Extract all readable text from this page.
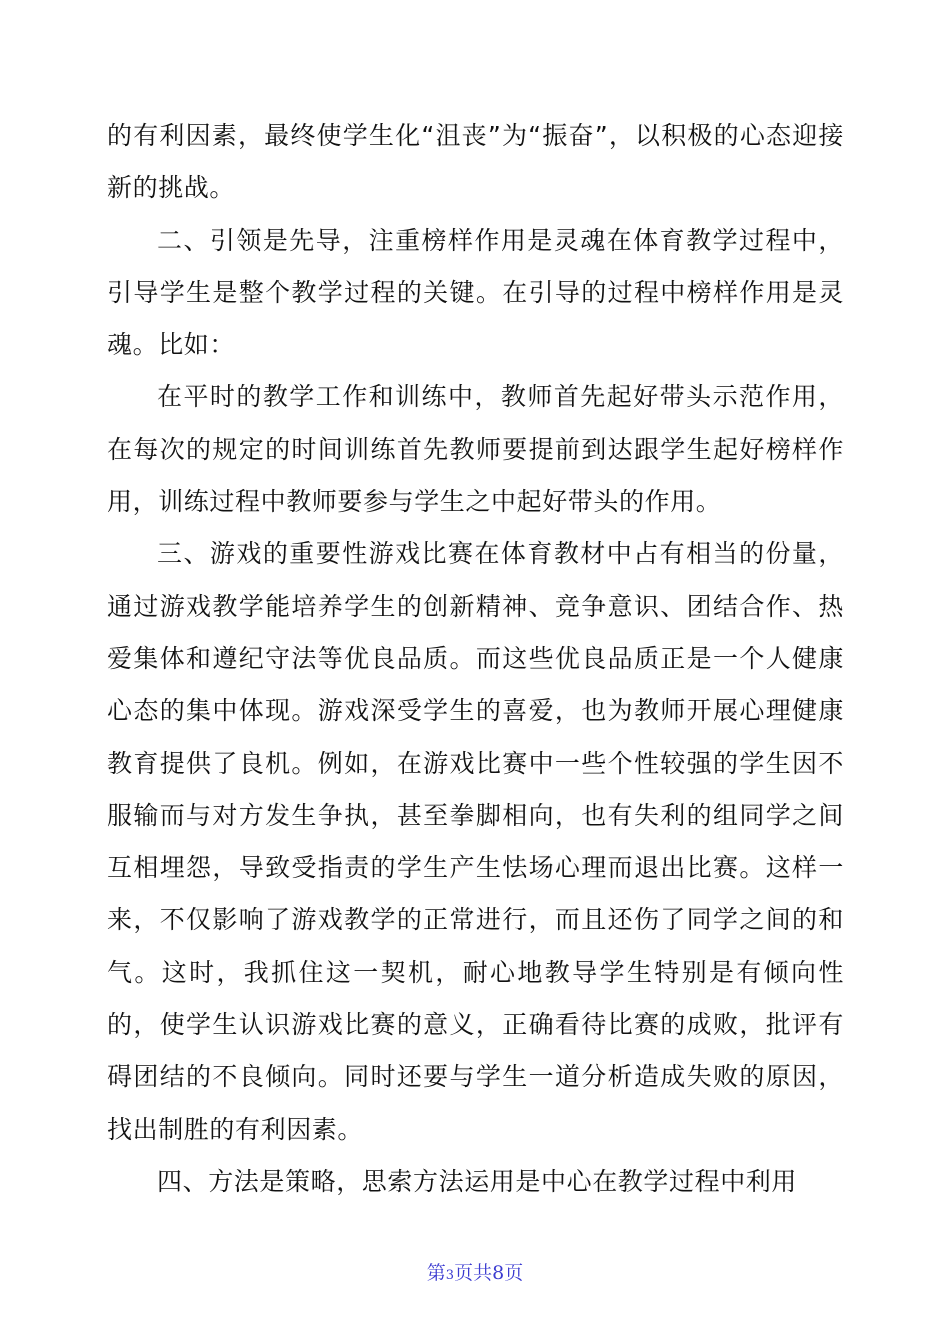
的有利因素，最终使学生化“沮丧”为“振奋”，以积极的心态迎接新的挑战。

二、引领是先导，注重榜样作用是灵魂在体育教学过程中，引导学生是整个教学过程的关键。在引导的过程中榜样作用是灵魂。比如：

在平时的教学工作和训练中，教师首先起好带头示范作用，在每次的规定的时间训练首先教师要提前到达跟学生起好榜样作用，训练过程中教师要参与学生之中起好带头的作用。

三、游戏的重要性游戏比赛在体育教材中占有相当的份量，通过游戏教学能培养学生的创新精神、竞争意识、团结合作、热爱集体和遵纪守法等优良品质。而这些优良品质正是一个人健康心态的集中体现。游戏深受学生的喜爱，也为教师开展心理健康教育提供了良机。例如，在游戏比赛中一些个性较强的学生因不服输而与对方发生争执，甚至拳脚相向，也有失利的组同学之间互相埋怨，导致受指责的学生产生怯场心理而退出比赛。这样一来，不仅影响了游戏教学的正常进行，而且还伤了同学之间的和气。这时，我抓住这一契机，耐心地教导学生特别是有倾向性的，使学生认识游戏比赛的意义，正确看待比赛的成败，批评有碍团结的不良倾向。同时还要与学生一道分析造成失败的原因，找出制胜的有利因素。

四、方法是策略，思索方法运用是中心在教学过程中利用

第3页共8页
